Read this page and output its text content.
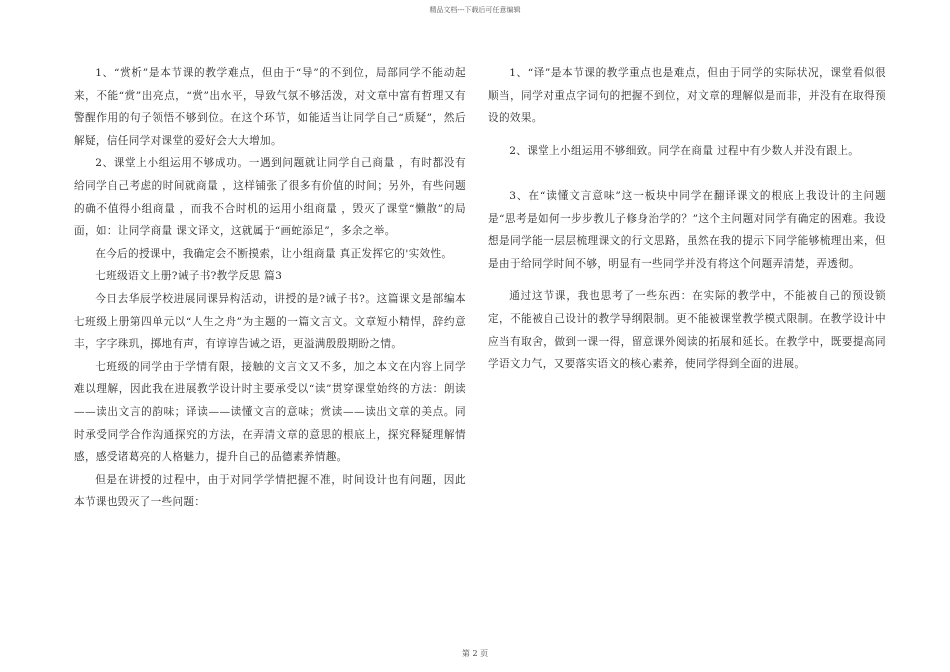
精品文档---下载后可任意编辑

1、“赏析”是本节课的教学难点，但由于“导”的不到位，局部同学不能动起来，不能“赏”出亮点，“赏”出水平，导致气氛不够活泼，对文章中富有哲理又有警醒作用的句子领悟不够到位。在这个环节，如能适当让同学自己“质疑”，然后解疑，信任同学对课堂的爱好会大大增加。

2、课堂上小组运用不够成功。一遇到问题就让同学自己商量 ，有时都没有给同学自己考虑的时间就商量 ，这样铺张了很多有价值的时间；另外，有些问题的确不值得小组商量 ，而我不合时机的运用小组商量 ，毁灭了课堂“懒散”的局面，如：让同学商量 课文译文，这就属于“画蛇添足”，多余之举。

在今后的授课中，我确定会不断摸索，让小组商量 真正发挥它的'实效性。

七班级语文上册?诫子书?教学反思 篇3

今日去华辰学校进展同课异构活动，讲授的是?诫子书?。这篇课文是部编本七班级上册第四单元以“人生之舟”为主题的一篇文言文。文章短小精悍，辞约意丰，字字珠玑，掷地有声，有谆谆告诫之语，更溢满殷殷期盼之情。

七班级的同学由于学情有限，接触的文言文又不多，加之本文在内容上同学难以理解，因此我在进展教学设计时主要承受以“读”贯穿课堂始终的方法：朗读——读出文言的韵味；译读——读懂文言的意味；赏读——读出文章的美点。同时承受同学合作沟通探究的方法，在弄清文章的意思的根底上，探究释疑理解情感，感受诸葛亮的人格魅力，提升自己的品德素养情趣。

但是在讲授的过程中，由于对同学学情把握不准，时间设计也有问题，因此本节课也毁灭了一些问题：

1、“译”是本节课的教学重点也是难点，但由于同学的实际状况，课堂看似很顺当，同学对重点字词句的把握不到位，对文章的理解似是而非，并没有在取得预设的效果。

2、课堂上小组运用不够细致。同学在商量 过程中有少数人并没有跟上。

3、在“读懂文言意味”这一板块中同学在翻译课文的根底上我设计的主问题是“思考是如何一步步教儿子修身治学的？”这个主问题对同学有确定的困难。我设想是同学能一层层梳理课文的行文思路，虽然在我的提示下同学能够梳理出来，但是由于给同学时间不够，明显有一些同学并没有将这个问题弄清楚，弄透彻。

通过这节课，我也思考了一些东西：在实际的教学中，不能被自己的预设锁定，不能被自己设计的教学导纲限制。更不能被课堂教学模式限制。在教学设计中应当有取舍，做到一课一得，留意课外阅读的拓展和延长。在教学中，既要提高同学语文力气，又要落实语文的核心素养，使同学得到全面的进展。

第 2 页
